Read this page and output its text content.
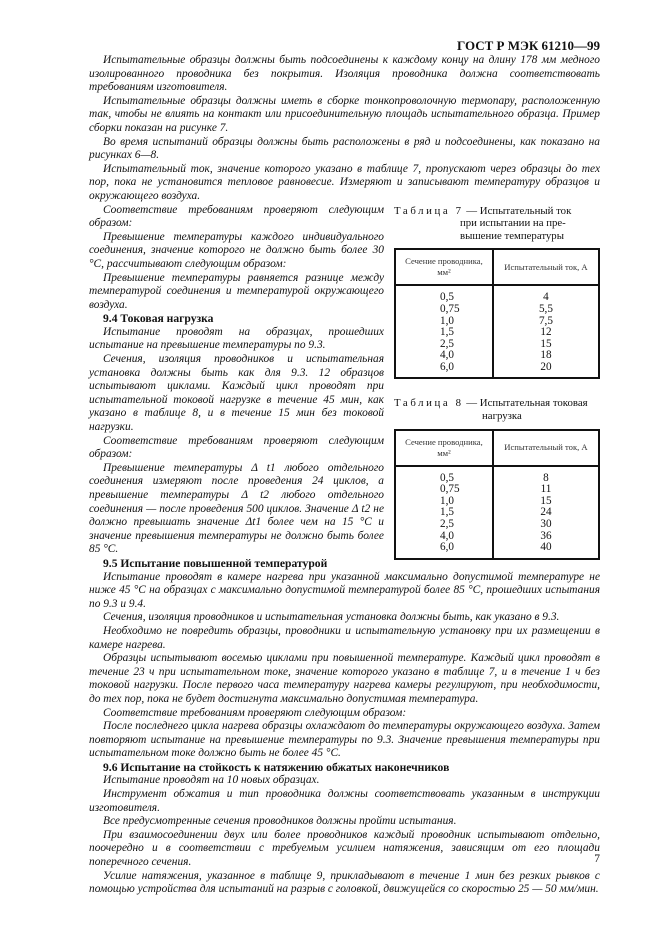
ГОСТ Р МЭК 61210—99

Испытательные образцы должны быть подсоединены к каждому концу на длину 178 мм медного изолированного проводника без покрытия. Изоляция проводника должна соответствовать требованиям изготовителя.

Испытательные образцы должны иметь в сборке тонкопроволочную термопару, расположенную так, чтобы не влиять на контакт или присоединительную площадь испытательного образца. Пример сборки показан на рисунке 7.

Во время испытаний образцы должны быть расположены в ряд и подсоединены, как показано на рисунках 6—8.

Испытательный ток, значение которого указано в таблице 7, пропускают через образцы до тех пор, пока не установится тепловое равновесие. Измеряют и записывают температуру образцов и окружающего воздуха.

Таблица 7 — Испытательный ток
при испытании на пре-
вышение температуры
Сечение проводника, мм²	Испытательный ток, А
0,5	4
0,75	5,5
1,0	7,5
1,5	12
2,5	15
4,0	18
6,0	20
Таблица 8 — Испытательная токовая
нагрузка
Сечение проводника, мм²	Испытательный ток, А
0,5	8
0,75	11
1,0	15
1,5	24
2,5	30
4,0	36
6,0	40

Соответствие требованиям проверяют следующим образом:

Превышение температуры каждого индивидуального соединения, значение которого не должно быть более 30 °С, рассчитывают следующим образом:

Превышение температуры равняется разнице между температурой соединения и температурой окружающего воздуха.

9.4 Токовая нагрузка

Испытание проводят на образцах, прошедших испытание на превышение температуры по 9.3.

Сечения, изоляция проводников и испытательная установка должны быть как для 9.3. 12 образцов испытывают циклами. Каждый цикл проводят при испытательной токовой нагрузке в течение 45 мин, как указано в таблице 8, и в течение 15 мин без токовой нагрузки.

Соответствие требованиям проверяют следующим образом:

Превышение температуры Δ t1 любого отдельного соединения измеряют после проведения 24 циклов, а превышение температуры Δ t2 любого отдельного соединения — после проведения 500 циклов. Значение Δ t2 не должно превышать значение Δt1 более чем на 15 °С и значение превышения температуры не должно быть более 85 °С.

9.5 Испытание повышенной температурой

Испытание проводят в камере нагрева при указанной максимально допустимой температуре не ниже 45 °С на образцах с максимально допустимой температурой более 85 °С, прошедших испытания по 9.3 и 9.4.

Сечения, изоляция проводников и испытательная установка должны быть, как указано в 9.3.

Необходимо не повредить образцы, проводники и испытательную установку при их размещении в камере нагрева.

Образцы испытывают восемью циклами при повышенной температуре. Каждый цикл проводят в течение 23 ч при испытательном токе, значение которого указано в таблице 7, и в течение 1 ч без токовой нагрузки. После первого часа температуру нагрева камеры регулируют, при необходимости, до тех пор, пока не будет достигнута максимально допустимая температура.

Соответствие требованиям проверяют следующим образом:

После последнего цикла нагрева образцы охлаждают до температуры окружающего воздуха. Затем повторяют испытание на превышение температуры по 9.3. Значение превышения температуры при испытательном токе должно быть не более 45 °С.

9.6 Испытание на стойкость к натяжению обжатых наконечников

Испытание проводят на 10 новых образцах.

Инструмент обжатия и тип проводника должны соответствовать указанным в инструкции изготовителя.

Все предусмотренные сечения проводников должны пройти испытания.

При взаимосоединении двух или более проводников каждый проводник испытывают отдельно, поочередно и в соответствии с требуемым усилием натяжения, зависящим от его площади поперечного сечения.

Усилие натяжения, указанное в таблице 9, прикладывают в течение 1 мин без резких рывков с помощью устройства для испытаний на разрыв с головкой, движущейся со скоростью 25 — 50 мм/мин.

7
